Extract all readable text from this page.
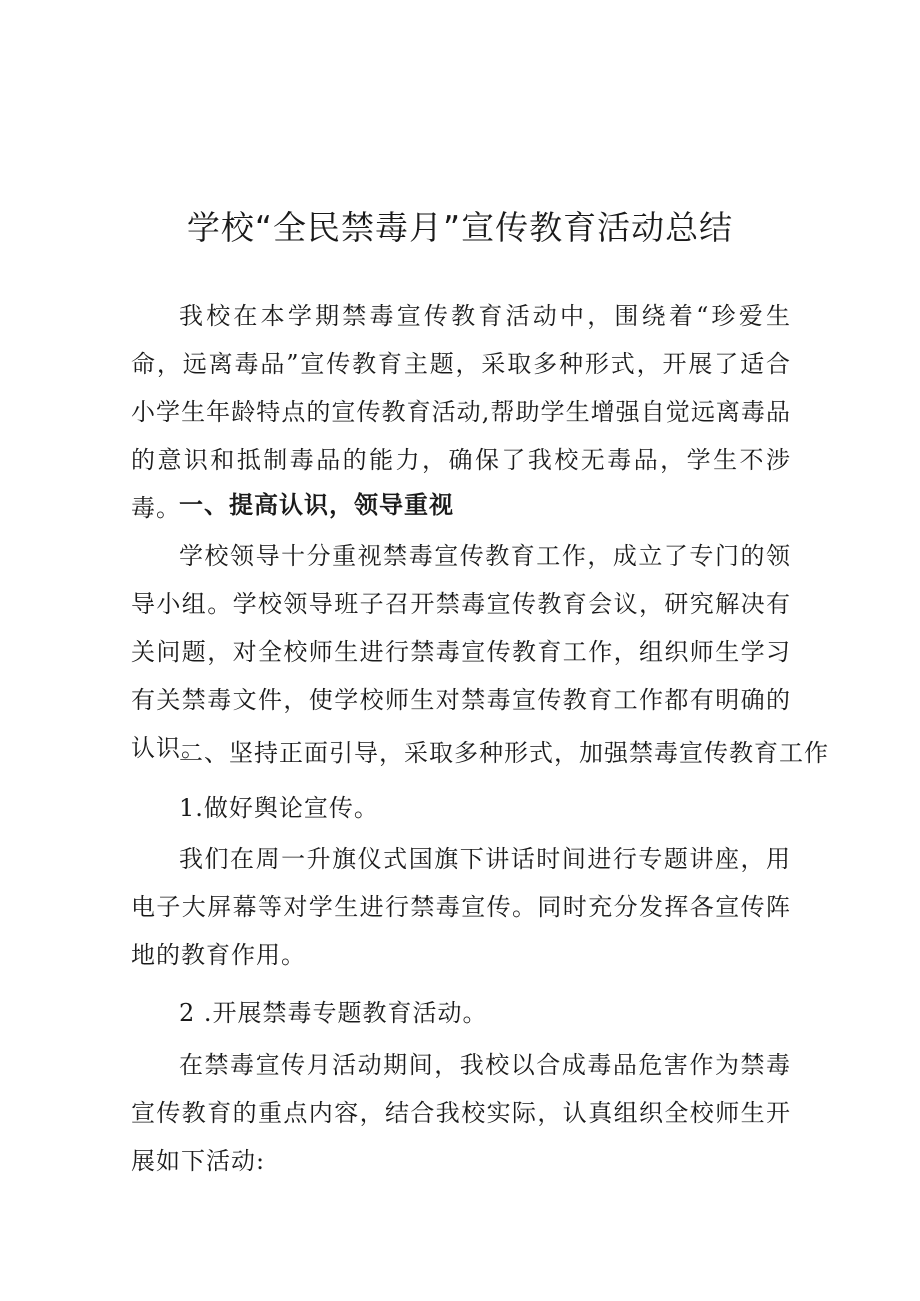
学校“全民禁毒月”宣传教育活动总结

我校在本学期禁毒宣传教育活动中，围绕着“珍爱生命，远离毒品”宣传教育主题，采取多种形式，开展了适合小学生年龄特点的宣传教育活动,帮助学生增强自觉远离毒品的意识和抵制毒品的能力，确保了我校无毒品，学生不涉毒。

一、提高认识，领导重视

学校领导十分重视禁毒宣传教育工作，成立了专门的领导小组。学校领导班子召开禁毒宣传教育会议，研究解决有关问题，对全校师生进行禁毒宣传教育工作，组织师生学习有关禁毒文件，使学校师生对禁毒宣传教育工作都有明确的认识。

二、坚持正面引导，采取多种形式，加强禁毒宣传教育工作

1.做好舆论宣传。

我们在周一升旗仪式国旗下讲话时间进行专题讲座，用电子大屏幕等对学生进行禁毒宣传。同时充分发挥各宣传阵地的教育作用。

2 .开展禁毒专题教育活动。

在禁毒宣传月活动期间，我校以合成毒品危害作为禁毒宣传教育的重点内容，结合我校实际，认真组织全校师生开展如下活动:
